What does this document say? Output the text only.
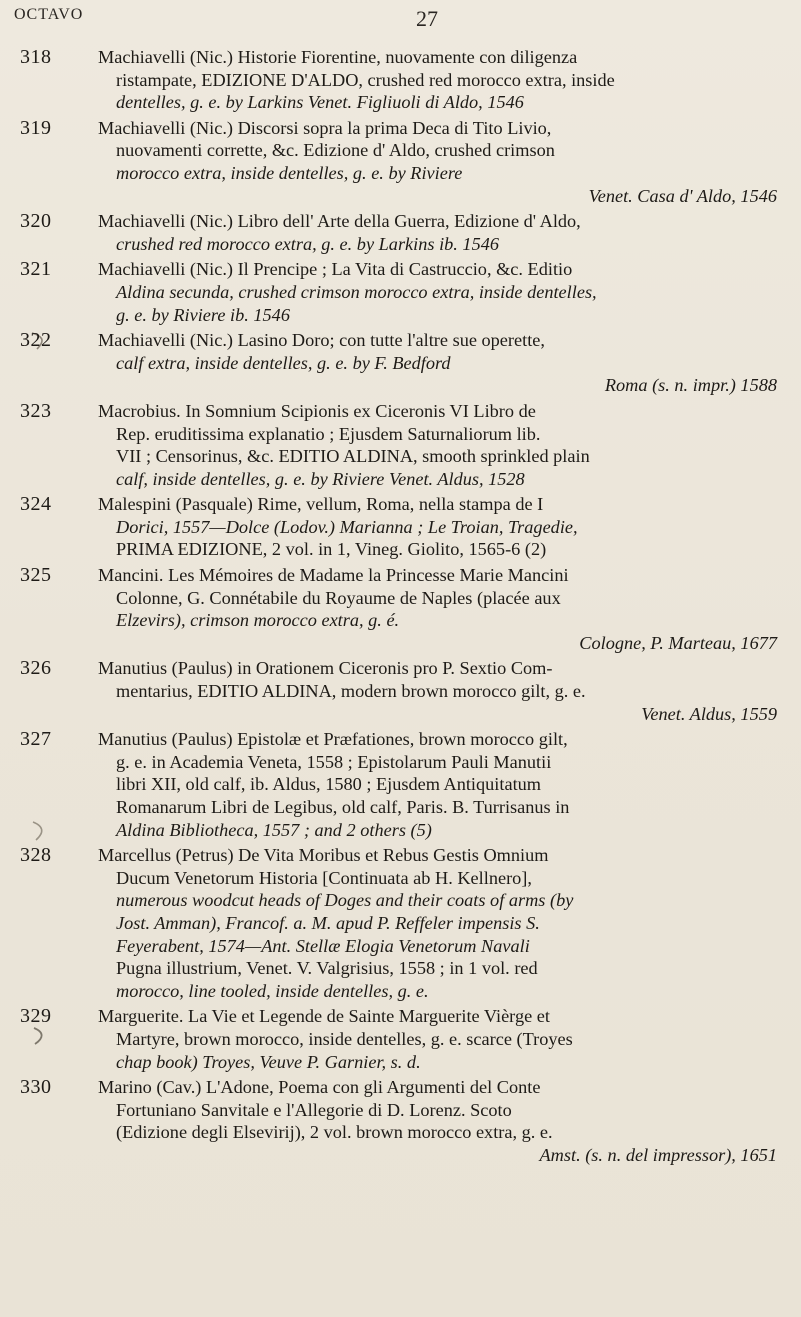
OCTAVO	27
318	Machiavelli (Nic.) Historie Fiorentine, nuovamente con diligenza
ristampate, EDIZIONE D'ALDO, crushed red morocco extra, inside
dentelles, g. e. by Larkins Venet. Figliuoli di Aldo, 1546
319	Machiavelli (Nic.) Discorsi sopra la prima Deca di Tito Livio,
nuovamenti corrette, &c. Edizione d' Aldo, crushed crimson
morocco extra, inside dentelles, g. e. by Riviere
Venet. Casa d' Aldo, 1546
320	Machiavelli (Nic.) Libro dell' Arte della Guerra, Edizione d' Aldo,
crushed red morocco extra, g. e. by Larkins ib. 1546
321	Machiavelli (Nic.) Il Prencipe ; La Vita di Castruccio, &c. Editio
Aldina secunda, crushed crimson morocco extra, inside dentelles,
g. e. by Riviere ib. 1546
322	Machiavelli (Nic.) Lasino Doro; con tutte l'altre sue operette,
calf extra, inside dentelles, g. e. by F. Bedford
Roma (s. n. impr.) 1588
323	Macrobius. In Somnium Scipionis ex Ciceronis VI Libro de
Rep. eruditissima explanatio ; Ejusdem Saturnaliorum lib.
VII ; Censorinus, &c. EDITIO ALDINA, smooth sprinkled plain
calf, inside dentelles, g. e. by Riviere Venet. Aldus, 1528
324	Malespini (Pasquale) Rime, vellum, Roma, nella stampa de I
Dorici, 1557—Dolce (Lodov.) Marianna ; Le Troian, Tragedie,
PRIMA EDIZIONE, 2 vol. in 1, Vineg. Giolito, 1565-6 (2)
325	Mancini. Les Mémoires de Madame la Princesse Marie Mancini
Colonne, G. Connétabile du Royaume de Naples (placée aux
Elzevirs), crimson morocco extra, g. é.
Cologne, P. Marteau, 1677
326	Manutius (Paulus) in Orationem Ciceronis pro P. Sextio Com-
mentarius, EDITIO ALDINA, modern brown morocco gilt, g. e.
Venet. Aldus, 1559
327	Manutius (Paulus) Epistolæ et Præfationes, brown morocco gilt,
g. e. in Academia Veneta, 1558 ; Epistolarum Pauli Manutii
libri XII, old calf, ib. Aldus, 1580 ; Ejusdem Antiquitatum
Romanarum Libri de Legibus, old calf, Paris. B. Turrisanus in
Aldina Bibliotheca, 1557 ; and 2 others (5)
328	Marcellus (Petrus) De Vita Moribus et Rebus Gestis Omnium
Ducum Venetorum Historia [Continuata ab H. Kellnero],
numerous woodcut heads of Doges and their coats of arms (by
Jost. Amman), Francof. a. M. apud P. Reffeler impensis S.
Feyerabent, 1574—Ant. Stellæ Elogia Venetorum Navali
Pugna illustrium, Venet. V. Valgrisius, 1558 ; in 1 vol. red
morocco, line tooled, inside dentelles, g. e.
329	Marguerite. La Vie et Legende de Sainte Marguerite Vièrge et
Martyre, brown morocco, inside dentelles, g. e. scarce (Troyes
chap book) Troyes, Veuve P. Garnier, s. d.
330	Marino (Cav.) L'Adone, Poema con gli Argumenti del Conte
Fortuniano Sanvitale e l'Allegorie di D. Lorenz. Scoto
(Edizione degli Elsevirij), 2 vol. brown morocco extra, g. e.
Amst. (s. n. del impressor), 1651
